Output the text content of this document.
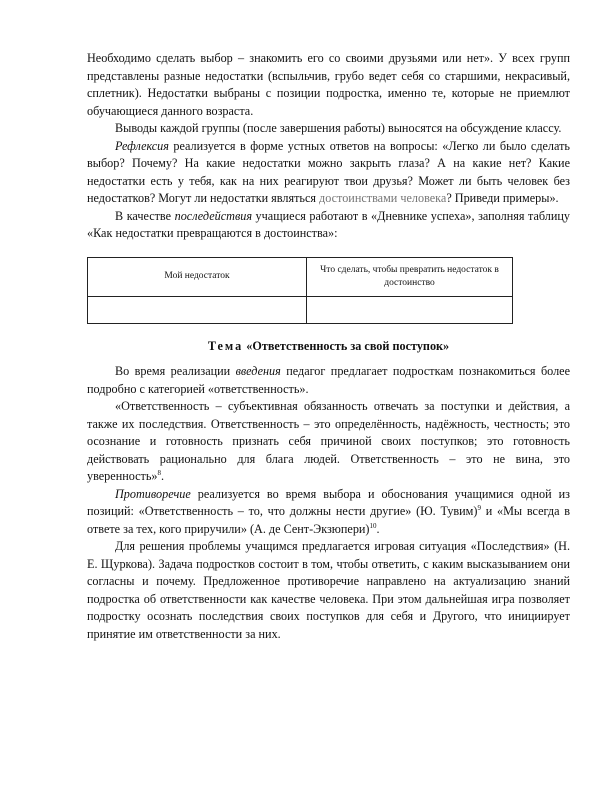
Необходимо сделать выбор – знакомить его со своими друзьями или нет». У всех групп представлены разные недостатки (вспыльчив, грубо ведет себя со старшими, некрасивый, сплетник). Недостатки выбраны с позиции подростка, именно те, которые не приемлют обучающиеся данного возраста.

Выводы каждой группы (после завершения работы) выносятся на обсуждение классу.

Рефлексия реализуется в форме устных ответов на вопросы: «Легко ли было сделать выбор? Почему? На какие недостатки можно закрыть глаза? А на какие нет? Какие недостатки есть у тебя, как на них реагируют твои друзья? Может ли быть человек без недостатков? Могут ли недостатки являться достоинствами человека? Приведи примеры».

В качестве последействия учащиеся работают в «Дневнике успеха», заполняя таблицу «Как недостатки превращаются в достоинства»:

Мой недостаток	Что сделать, чтобы превратить недостаток в достоинство

Тема «Ответственность за свой поступок»

Во время реализации введения педагог предлагает подросткам познакомиться более подробно с категорией «ответственность».

«Ответственность – субъективная обязанность отвечать за поступки и действия, а также их последствия. Ответственность – это определённость, надёжность, честность; это осознание и готовность признать себя причиной своих поступков; это готовность действовать рационально для блага людей. Ответственность – это не вина, это уверенность»$^8$.

Противоречие реализуется во время выбора и обоснования учащимися одной из позиций: «Ответственность – то, что должны нести другие» (Ю. Тувим)$^9$ и «Мы всегда в ответе за тех, кого приручили» (А. де Сент-Экзюпери)$^{10}$.

Для решения проблемы учащимся предлагается игровая ситуация «Последствия» (Н. Е. Щуркова). Задача подростков состоит в том, чтобы ответить, с каким высказыванием они согласны и почему. Предложенное противоречие направлено на актуализацию знаний подростка об ответственности как качестве человека. При этом дальнейшая игра позволяет подростку осознать последствия своих поступков для себя и Другого, что инициирует принятие им ответственности за них.
